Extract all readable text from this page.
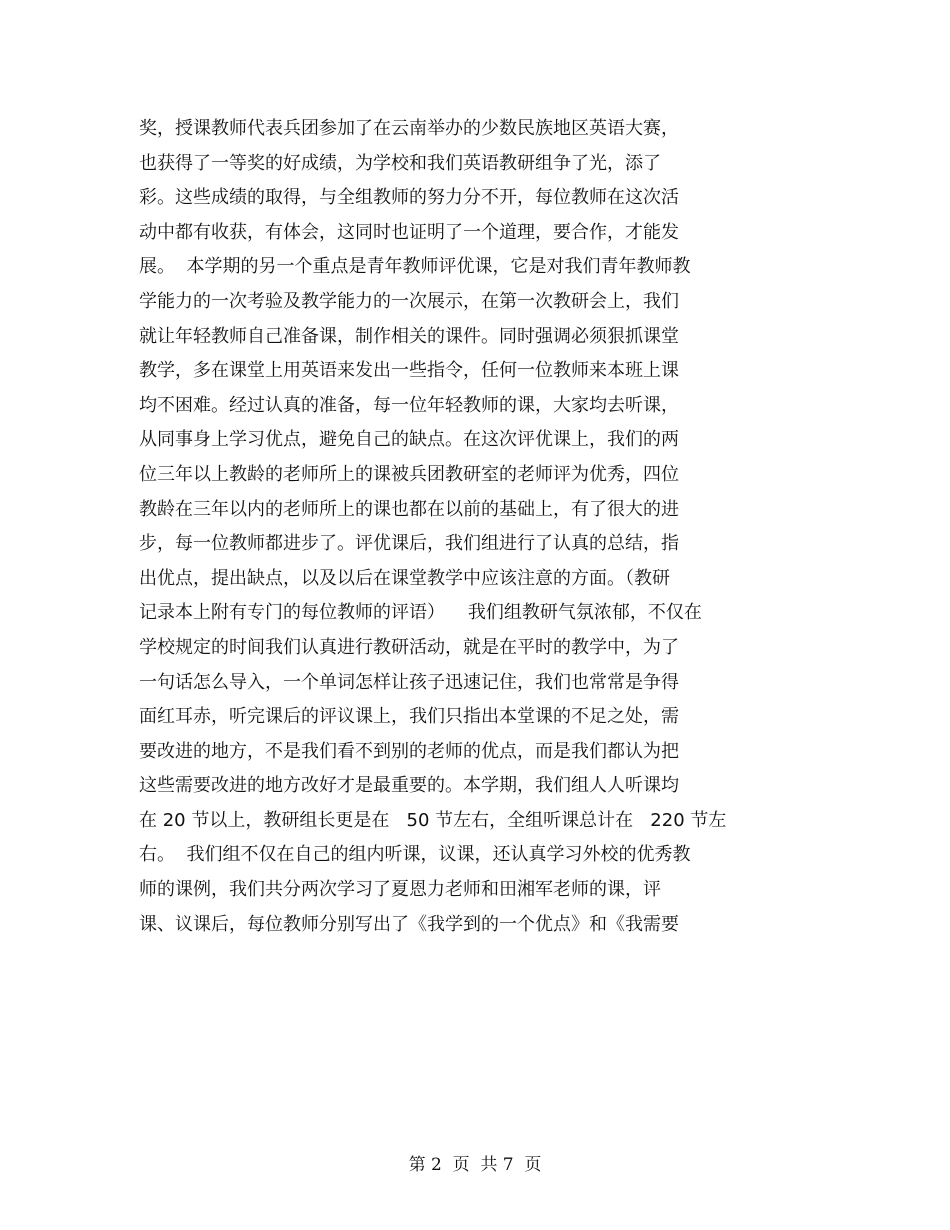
奖，授课教师代表兵团参加了在云南举办的少数民族地区英语大赛，
也获得了一等奖的好成绩，为学校和我们英语教研组争了光，添了
彩。这些成绩的取得，与全组教师的努力分不开，每位教师在这次活
动中都有收获，有体会，这同时也证明了一个道理，要合作，才能发
展。  本学期的另一个重点是青年教师评优课，它是对我们青年教师教
学能力的一次考验及教学能力的一次展示，在第一次教研会上，我们
就让年轻教师自己准备课，制作相关的课件。同时强调必须狠抓课堂
教学，多在课堂上用英语来发出一些指令，任何一位教师来本班上课
均不困难。经过认真的准备，每一位年轻教师的课，大家均去听课，
从同事身上学习优点，避免自己的缺点。在这次评优课上，我们的两
位三年以上教龄的老师所上的课被兵团教研室的老师评为优秀，四位
教龄在三年以内的老师所上的课也都在以前的基础上，有了很大的进
步，每一位教师都进步了。评优课后，我们组进行了认真的总结，指
出优点，提出缺点，以及以后在课堂教学中应该注意的方面。（教研
记录本上附有专门的每位教师的评语）    我们组教研气氛浓郁，不仅在
学校规定的时间我们认真进行教研活动，就是在平时的教学中，为了
一句话怎么导入，一个单词怎样让孩子迅速记住，我们也常常是争得
面红耳赤，听完课后的评议课上，我们只指出本堂课的不足之处，需
要改进的地方，不是我们看不到别的老师的优点，而是我们都认为把
这些需要改进的地方改好才是最重要的。本学期，我们组人人听课均
在 20 节以上，教研组长更是在   50 节左右，全组听课总计在   220 节左
右。  我们组不仅在自己的组内听课，议课，还认真学习外校的优秀教
师的课例，我们共分两次学习了夏恩力老师和田湘军老师的课，评
课、议课后，每位教师分别写出了《我学到的一个优点》和《我需要
第 2  页  共 7  页
